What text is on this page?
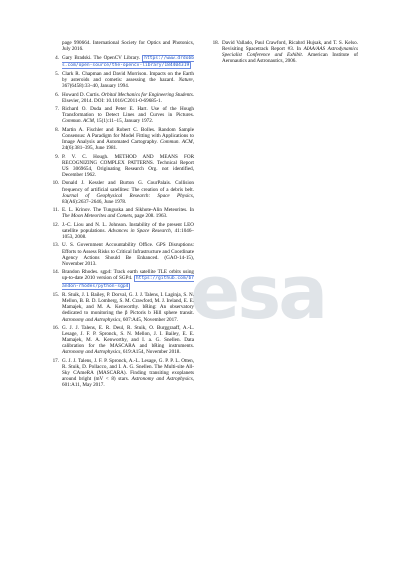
page 990664. International Society for Optics and Photonics, July 2016.
4. Gary Bradski. The OpenCV Library. https://www.drdobbs.com/open-source/the-opencv-library/184404319
5. Clark R. Chapman and David Morrison. Impacts on the Earth by asteroids and cometis: assessing the hazard. Nature, 367(6458):33–40, January 1994.
6. Howard D. Curtis. Orbital Mechanics for Engineering Students. Elsevier, 2014. DOI: 10.1016/C2011-0-69685-1.
7. Richard O. Duda and Peter E. Hart. Use of the Hough Transformation to Detect Lines and Curves in Pictures. Commun. ACM, 15(1):11–15, January 1972.
8. Martin A. Fischler and Robert C. Bolles. Random Sample Consensus: A Paradigm for Model Fitting with Applications to Image Analysis and Automated Cartography. Commun. ACM, 24(6):381–395, June 1981.
9. P. V. C. Hough. METHOD AND MEANS FOR RECOGNIZING COMPLEX PATTERNS. Technical Report US 3069654, Originating Research Org. not identified, December 1962.
10. Donald J. Kessler and Burton G. CourPalais. Collision frequency of artificial satellites: The creation of a debris belt. Journal of Geophysical Research: Space Physics, 83(A6):2637–2646, June 1978.
11. E. L. Krinov. The Tunguska and Sikhote-Alin Meteorites. In The Moon Meteorites and Comets, page 208. 1963.
12. J.-C. Liou and N. L. Johnson. Instability of the present LEO satellite populations. Advances in Space Research, 41:1046–1053, 2008.
13. U. S. Government Accountability Office. GPS Disruptions: Efforts to Assess Risks to Critical Infrastructure and Coordinate Agency Actions Should Be Enhanced. (GAO-14-15), November 2013.
14. Brandon Rhodes. sgp4: Track earth satellite TLE orbits using up-to-date 2010 version of SGP4. https://github.com/brandon-rhodes/python-sgp4
15. R. Stuik, J. I. Bailey, P. Dorval, G. J. J. Talens, I. Laginja, S. N. Mellon, B. B. D. Lomberg, S. M. Crawford, M. J. Ireland, E. E. Mamajek, and M. A. Kenworthy. bRing: An observatory dedicated to monitoring the β Pictoris b Hill sphere transit. Astronomy and Astrophysics, 607:A45, November 2017.
16. G. J. J. Talens, E. R. Deul, R. Stuik, O. Burggraaff, A.-L. Lesage, J. F. P. Spronck, S. N. Mellon, J. I. Bailey, E. E. Mamajek, M. A. Kenworthy, and I. a. G. Snellen. Data calibration for the MASCARA and bRing instruments. Astronomy and Astrophysics, 619:A154, November 2018.
17. G. J. J. Talens, J. F. P. Spronck, A.-L. Lesage, G. P. P. L. Otten, R. Stuik, D. Pollacco, and I. A. G. Snellen. The Multi-site All-Sky CAmeRA (MASCARA). Finding transiting exoplanets around bright (mV < 8) stars. Astronomy and Astrophysics, 601:A11, May 2017.
18. David Vallado, Paul Crawford, Ricahrd Hujsak, and T. S. Kelso. Revisiting Spacetrack Report #3. In AIAA/AAS Astrodynamics Specialist Conference and Exhibit. American Institute of Aeronautics and Astronautics, 2006.
esa
